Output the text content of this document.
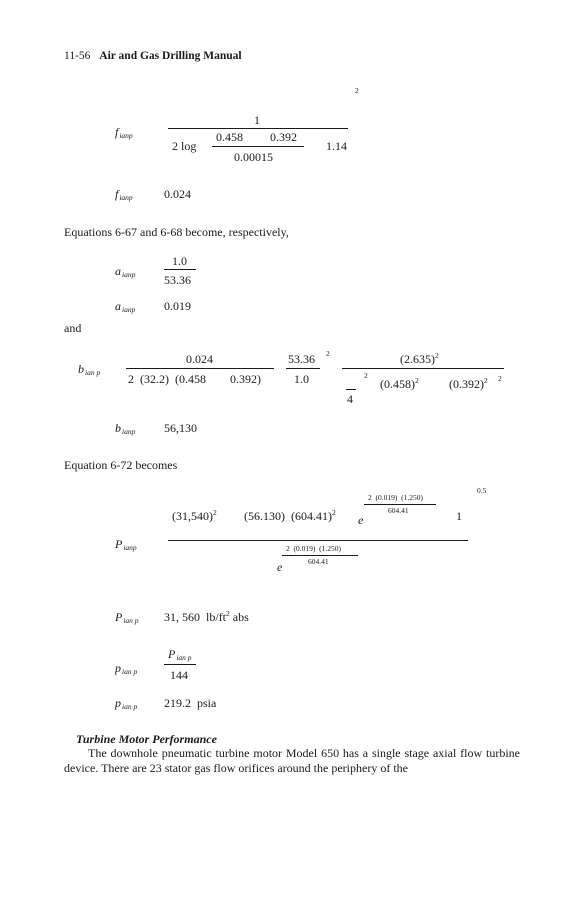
11-56 Air and Gas Drilling Manual
2
fianp
1
2 log
0.458 0.392
0.00015
1.14
fianp	0.024
Equations 6-67 and 6-68 become, respectively,
aianp
1.0
53.36
aianp 0.019
and
bian p
0.024
2  (32.2)  (0.458        0.392)
53.36 2
1.0
$(2.635)^2$
2
4
$(0.458)^2$	$(0.392)^2$ 2
bianp 56,130
Equation 6-72 becomes
0.5
2  (0.019)  (1.250)
604.41
$(31,540)^2$ (56.130)  $(604.41)^2$
e	1
Pianp	2  (0.019)  (1.250)
604.41
e
Pian p 31, 560  $lb/ft^2$ abs
pian p
Pian p
144
pian p 219.2  psia
Turbine Motor Performance
The downhole pneumatic turbine motor Model 650 has a single stage axial flow turbine device. There are 23 stator gas flow orifices around the periphery of the
